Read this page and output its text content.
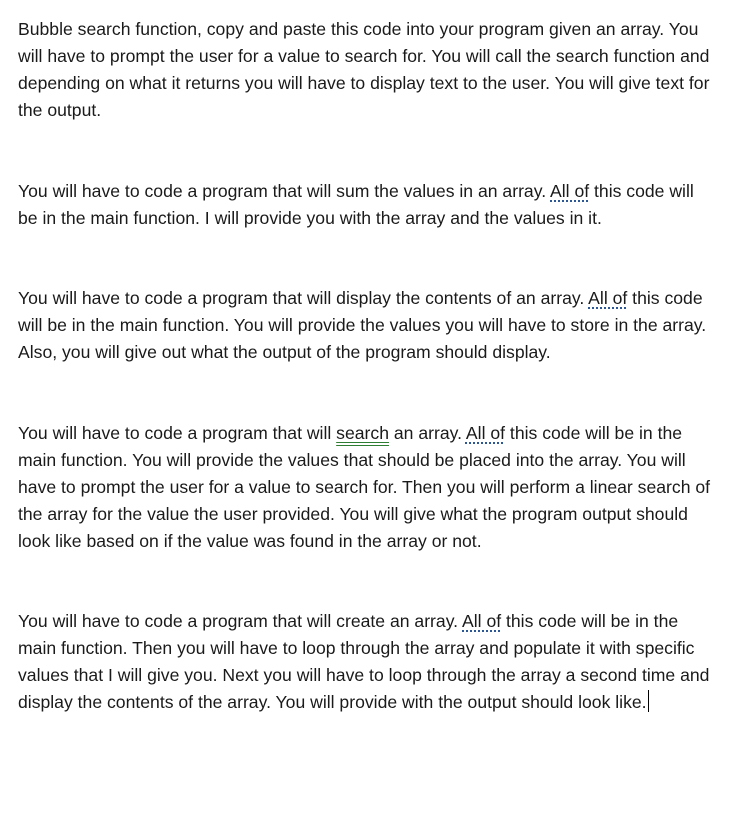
Bubble search function, copy and paste this code into your program given an array. You will have to prompt the user for a value to search for. You will call the search function and depending on what it returns you will have to display text to the user. You will give text for the output.

You will have to code a program that will sum the values in an array. All of this code will be in the main function. I will provide you with the array and the values in it.

You will have to code a program that will display the contents of an array. All of this code will be in the main function. You will provide the values you will have to store in the array. Also, you will give out what the output of the program should display.

You will have to code a program that will search an array. All of this code will be in the main function. You will provide the values that should be placed into the array. You will have to prompt the user for a value to search for. Then you will perform a linear search of the array for the value the user provided. You will give what the program output should look like based on if the value was found in the array or not.

You will have to code a program that will create an array. All of this code will be in the main function. Then you will have to loop through the array and populate it with specific values that I will give you. Next you will have to loop through the array a second time and display the contents of the array. You will provide with the output should look like.
